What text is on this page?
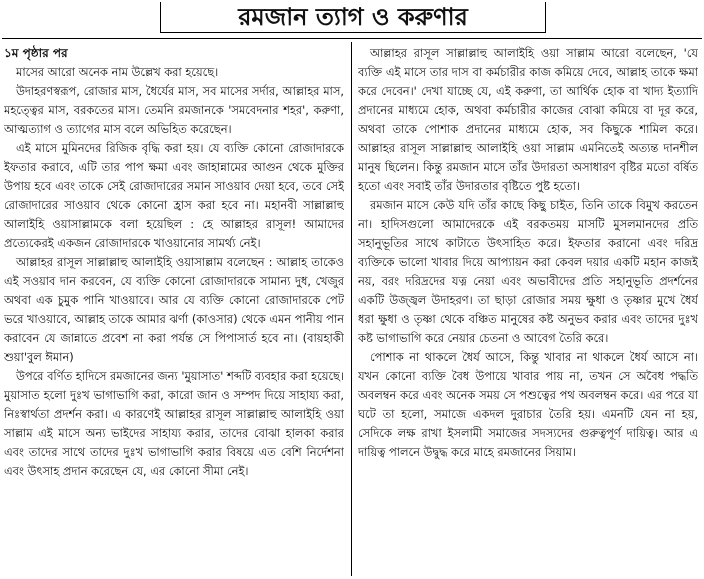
রমজান ত্যাগ ও করুণার
১ম পৃষ্ঠার পর

মাসের আরো অনেক নাম উল্লেখ করা হয়েছে।

উদাহরণস্বরূপ, রোজার মাস, ধৈর্যের মাস, সব মাসের সর্দার, আল্লাহর মাস, মহত্ত্বের মাস, বরকতের মাস। তেমনি রমজানকে 'সমবেদনার শহর', করুণা, আত্মত্যাগ ও ত্যাগের মাস বলে অভিহিত করেছেন।

এই মাসে মুমিনদের রিজিক বৃদ্ধি করা হয়। যে ব্যক্তি কোনো রোজাদারকে ইফতার করাবে, এটি তার পাপ ক্ষমা এবং জাহান্নামের আগুন থেকে মুক্তির উপায় হবে এবং তাকে সেই রোজাদারের সমান সাওয়াব দেয়া হবে, তবে সেই রোজাদারের সাওয়াব থেকে কোনো হ্রাস করা হবে না। মহানবী সাল্লাল্লাহু আলাইহি ওয়াসাল্লামকে বলা হয়েছিল : হে আল্লাহর রাসূল! আমাদের প্রত্যেকেরই একজন রোজাদারকে খাওয়ানোর সামর্থ্য নেই।

আল্লাহর রাসূল সাল্লাল্লাহু আলাইহি ওয়াসাল্লাম বলেছেন : আল্লাহ তাকেও এই সওয়াব দান করবেন, যে ব্যক্তি কোনো রোজাদারকে সামান্য দুধ, খেজুর অথবা এক চুমুক পানি খাওয়াবে। আর যে ব্যক্তি কোনো রোজাদারকে পেট ভরে খাওয়াবে, আল্লাহ তাকে আমার ঝর্ণা (কাওসার) থেকে এমন পানীয় পান করাবেন যে জান্নাতে প্রবেশ না করা পর্যন্ত সে পিপাসার্ত হবে না। (বায়হাকী শুয়া'বুল ঈমান)

উপরে বর্ণিত হাদিসে রমজানের জন্য 'মুয়াসাত' শব্দটি ব্যবহার করা হয়েছে। মুয়াসাত হলো দুঃখ ভাগাভাগি করা, কারো জান ও সম্পদ দিয়ে সাহায্য করা, নিঃস্বার্থতা প্রদর্শন করা। এ কারণেই আল্লাহর রাসূল সাল্লাল্লাহু আলাইহি ওয়া সাল্লাম এই মাসে অন্য ভাইদের সাহায্য করার, তাদের বোঝা হালকা করার এবং তাদের সাথে তাদের দুঃখ ভাগাভাগি করার বিষয়ে এত বেশি নির্দেশনা এবং উৎসাহ প্রদান করেছেন যে, এর কোনো সীমা নেই।

আল্লাহর রাসূল সাল্লাল্লাহু আলাইহি ওয়া সাল্লাম আরো বলেছেন, 'যে ব্যক্তি এই মাসে তার দাস বা কর্মচারীর কাজ কমিয়ে দেবে, আল্লাহ তাকে ক্ষমা করে দেবেন।' দেখা যাচ্ছে যে, এই করুণা, তা আর্থিক হোক বা খাদ্য ইত্যাদি প্রদানের মাধ্যমে হোক, অথবা কর্মচারীর কাজের বোঝা কমিয়ে বা দূর করে, অথবা তাকে পোশাক প্রদানের মাধ্যমে হোক, সব কিছুকে শামিল করে। আল্লাহর রাসূল সাল্লাল্লাহু আলাইহি ওয়া সাল্লাম এমনিতেই অত্যন্ত দানশীল মানুষ ছিলেন। কিন্তু রমজান মাসে তাঁর উদারতা অসাধারণ বৃষ্টির মতো বর্ষিত হতো এবং সবাই তাঁর উদারতার বৃষ্টিতে পুষ্ট হতো।

রমজান মাসে কেউ যদি তাঁর কাছে কিছু চাইত, তিনি তাকে বিমুখ করতেন না। হাদিসগুলো আমাদেরকে এই বরকতময় মাসটি মুসলমানদের প্রতি সহানুভূতির সাথে কাটাতে উৎসাহিত করে। ইফতার করানো এবং দরিদ্র ব্যক্তিকে ভালো খাবার দিয়ে আপ্যায়ন করা কেবল দয়ার একটি মহান কাজই নয়, বরং দরিদ্রদের যত্ন নেয়া এবং অভাবীদের প্রতি সহানুভূতি প্রদর্শনের একটি উজ্জ্বল উদাহরণ। তা ছাড়া রোজার সময় ক্ষুধা ও তৃষ্ণার মুখে ধৈর্য ধরা ক্ষুধা ও তৃষ্ণা থেকে বঞ্চিত মানুষের কষ্ট অনুভব করার এবং তাদের দুঃখ কষ্ট ভাগাভাগি করে নেয়ার চেতনা ও আবেগ তৈরি করে।

পোশাক না থাকলে ধৈর্য আসে, কিন্তু খাবার না থাকলে ধৈর্য আসে না। যখন কোনো ব্যক্তি বৈধ উপায়ে খাবার পায় না, তখন সে অবৈধ পদ্ধতি অবলম্বন করে এবং অনেক সময় সে পশুত্বের পথ অবলম্বন করে। এর পরে যা ঘটে তা হলো, সমাজে একদল দুরাচার তৈরি হয়। এমনটি যেন না হয়, সেদিকে লক্ষ রাখা ইসলামী সমাজের সদস্যদের গুরুত্বপূর্ণ দায়িত্ব। আর এ দায়িত্ব পালনে উদ্বুদ্ধ করে মাহে রমজানের সিয়াম।
